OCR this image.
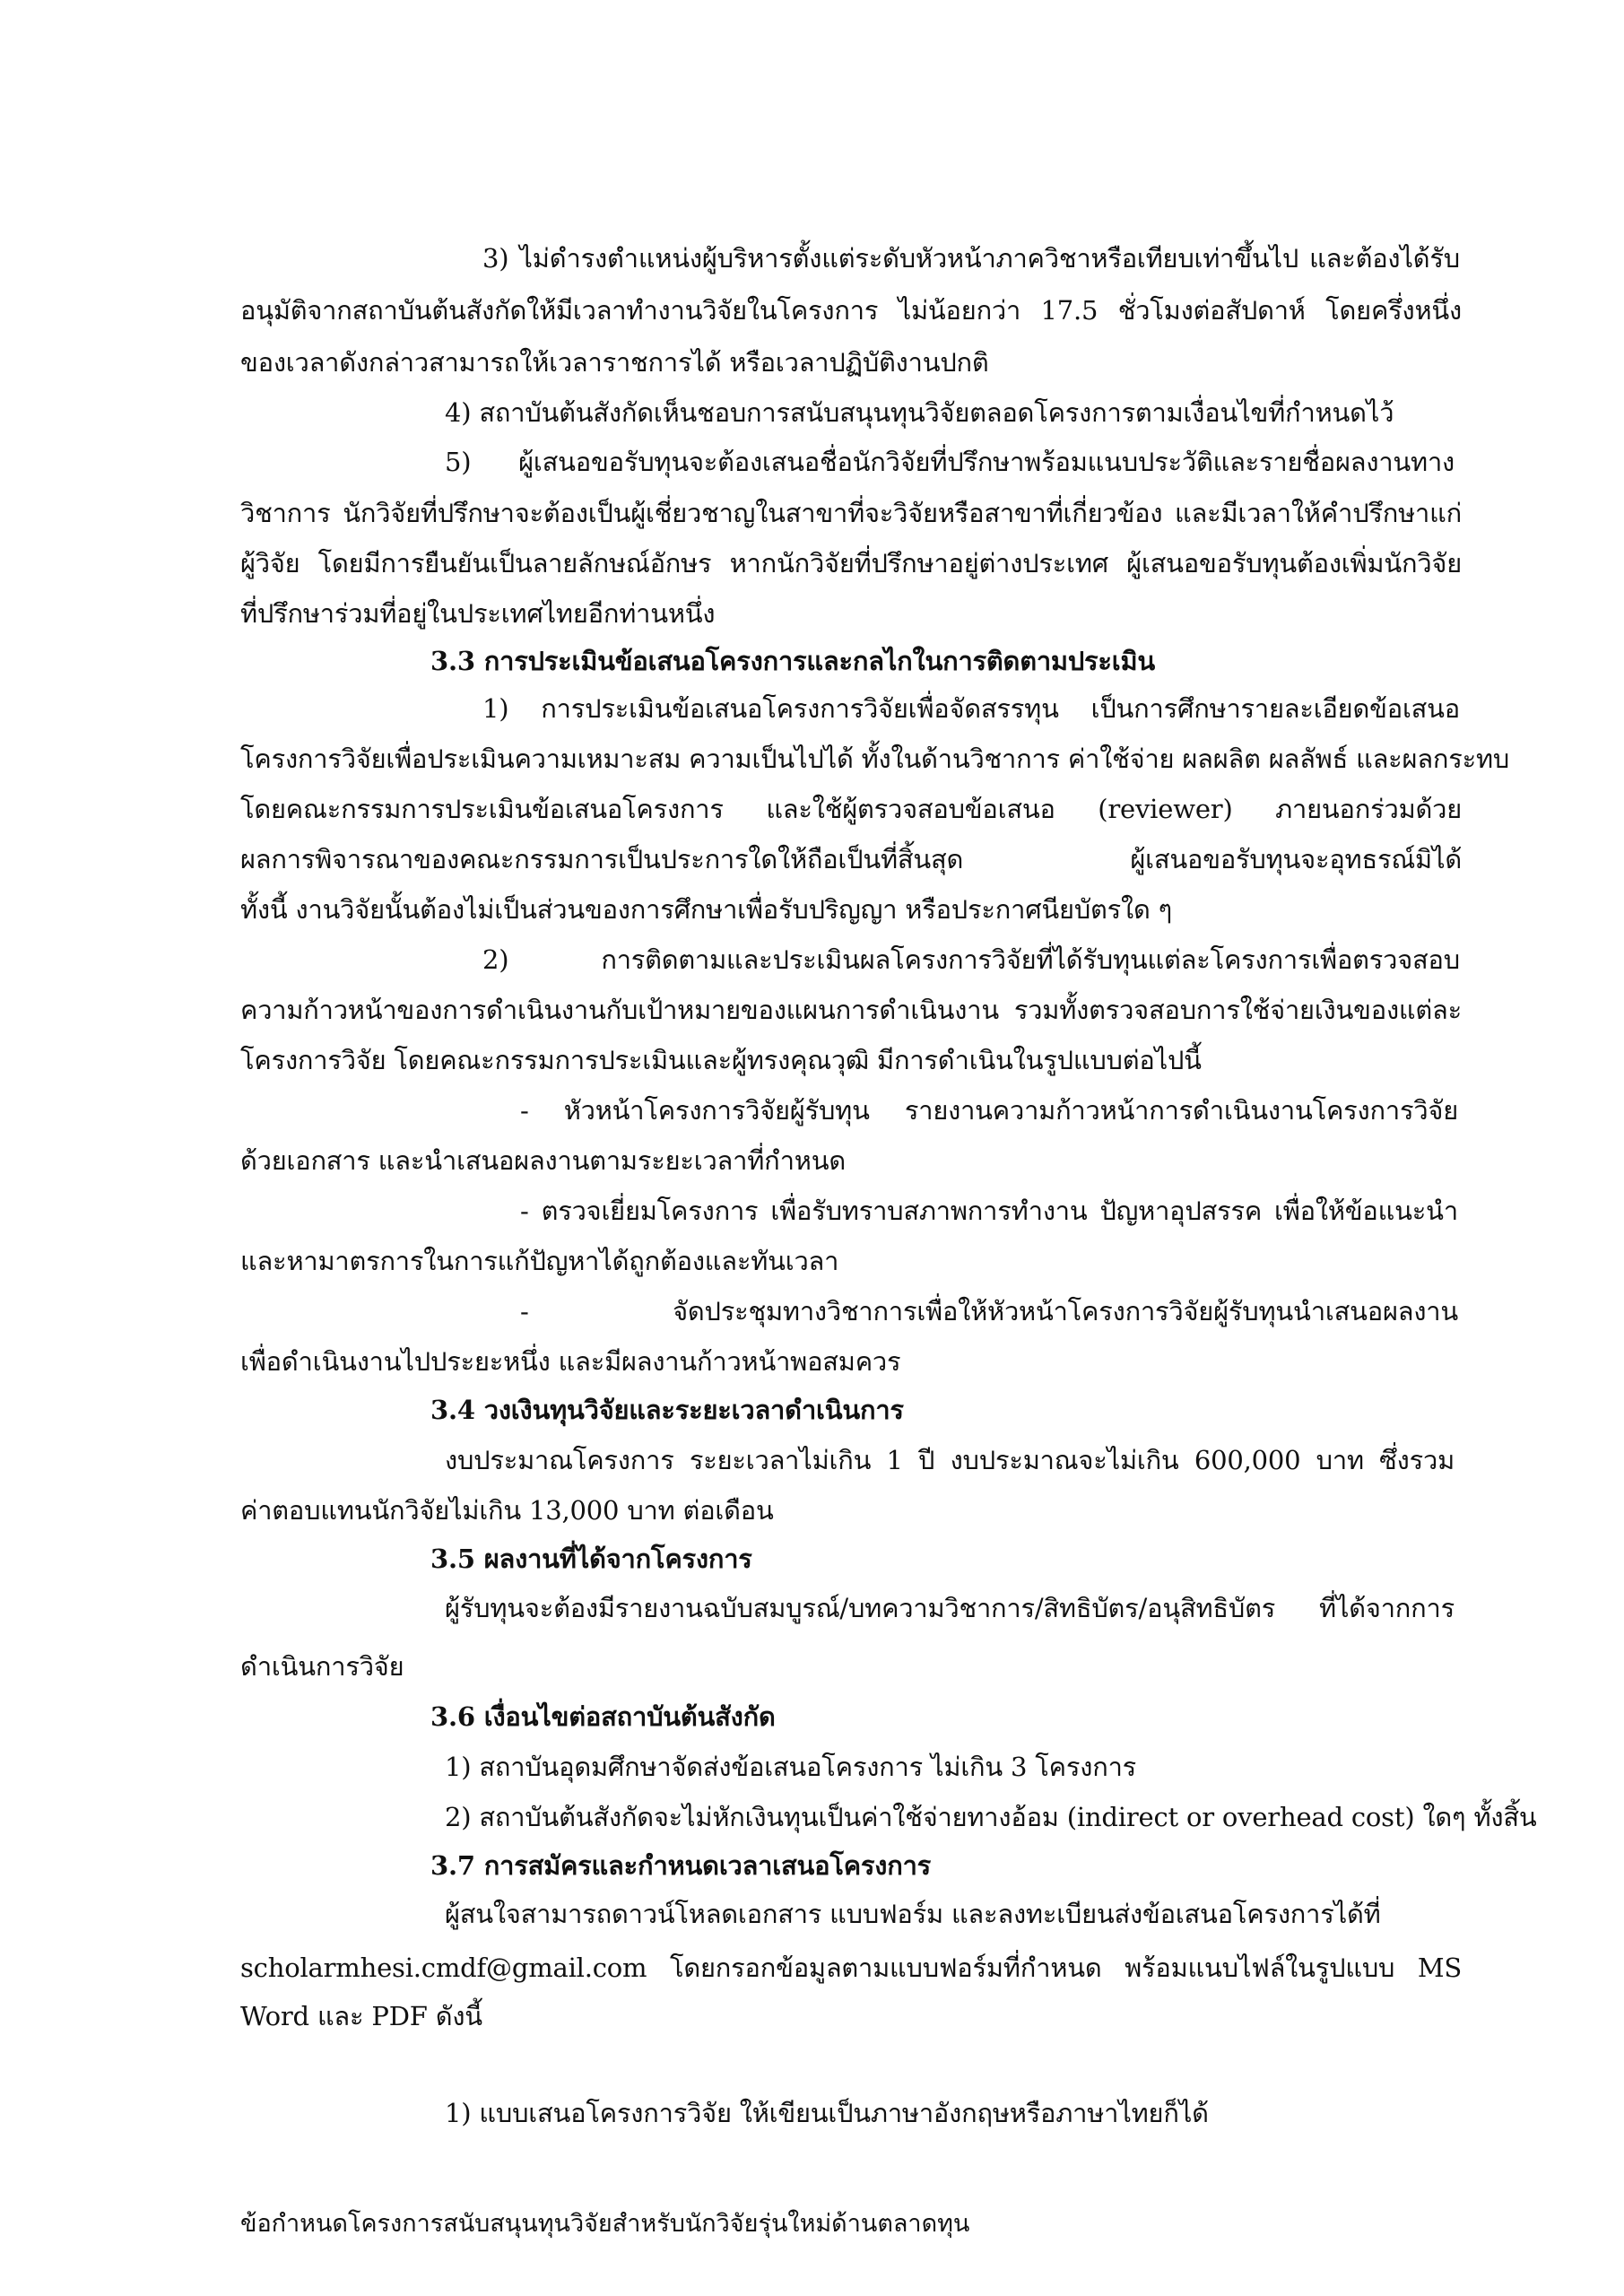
3) ไม่ดำรงตำแหน่งผู้บริหารตั้งแต่ระดับหัวหน้าภาควิชาหรือเทียบเท่าขึ้นไป และต้องได้รับ
อนุมัติจากสถาบันต้นสังกัดให้มีเวลาทำงานวิจัยในโครงการ ไม่น้อยกว่า 17.5 ชั่วโมงต่อสัปดาห์ โดยครึ่งหนึ่ง
ของเวลาดังกล่าวสามารถให้เวลาราชการได้ หรือเวลาปฏิบัติงานปกติ
4) สถาบันต้นสังกัดเห็นชอบการสนับสนุนทุนวิจัยตลอดโครงการตามเงื่อนไขที่กำหนดไว้
5) ผู้เสนอขอรับทุนจะต้องเสนอชื่อนักวิจัยที่ปรึกษาพร้อมแนบประวัติและรายชื่อผลงานทาง
วิชาการ นักวิจัยที่ปรึกษาจะต้องเป็นผู้เชี่ยวชาญในสาขาที่จะวิจัยหรือสาขาที่เกี่ยวข้อง และมีเวลาให้คำปรึกษาแก่
ผู้วิจัย โดยมีการยืนยันเป็นลายลักษณ์อักษร หากนักวิจัยที่ปรึกษาอยู่ต่างประเทศ ผู้เสนอขอรับทุนต้องเพิ่มนักวิจัย
ที่ปรึกษาร่วมที่อยู่ในประเทศไทยอีกท่านหนึ่ง
3.3 การประเมินข้อเสนอโครงการและกลไกในการติดตามประเมิน
1) การประเมินข้อเสนอโครงการวิจัยเพื่อจัดสรรทุน เป็นการศึกษารายละเอียดข้อเสนอ
โครงการวิจัยเพื่อประเมินความเหมาะสม ความเป็นไปได้ ทั้งในด้านวิชาการ ค่าใช้จ่าย ผลผลิต ผลลัพธ์ และผลกระทบ
โดยคณะกรรมการประเมินข้อเสนอโครงการ และใช้ผู้ตรวจสอบข้อเสนอ (reviewer) ภายนอกร่วมด้วย
ผลการพิจารณาของคณะกรรมการเป็นประการใดให้ถือเป็นที่สิ้นสุด ผู้เสนอขอรับทุนจะอุทธรณ์มิได้
ทั้งนี้ งานวิจัยนั้นต้องไม่เป็นส่วนของการศึกษาเพื่อรับปริญญา หรือประกาศนียบัตรใด ๆ
2) การติดตามและประเมินผลโครงการวิจัยที่ได้รับทุนแต่ละโครงการเพื่อตรวจสอบ
ความก้าวหน้าของการดำเนินงานกับเป้าหมายของแผนการดำเนินงาน รวมทั้งตรวจสอบการใช้จ่ายเงินของแต่ละ
โครงการวิจัย โดยคณะกรรมการประเมินและผู้ทรงคุณวุฒิ มีการดำเนินในรูปแบบต่อไปนี้
- หัวหน้าโครงการวิจัยผู้รับทุน รายงานความก้าวหน้าการดำเนินงานโครงการวิจัย
ด้วยเอกสาร และนำเสนอผลงานตามระยะเวลาที่กำหนด
- ตรวจเยี่ยมโครงการ เพื่อรับทราบสภาพการทำงาน ปัญหาอุปสรรค เพื่อให้ข้อแนะนำ
และหามาตรการในการแก้ปัญหาได้ถูกต้องและทันเวลา
- จัดประชุมทางวิชาการเพื่อให้หัวหน้าโครงการวิจัยผู้รับทุนนำเสนอผลงาน
เพื่อดำเนินงานไปประยะหนึ่ง และมีผลงานก้าวหน้าพอสมควร
3.4 วงเงินทุนวิจัยและระยะเวลาดำเนินการ
งบประมาณโครงการ ระยะเวลาไม่เกิน 1 ปี งบประมาณจะไม่เกิน 600,000 บาท ซึ่งรวม
ค่าตอบแทนนักวิจัยไม่เกิน 13,000 บาท ต่อเดือน
3.5 ผลงานที่ได้จากโครงการ
ผู้รับทุนจะต้องมีรายงานฉบับสมบูรณ์/บทความวิชาการ/สิทธิบัตร/อนุสิทธิบัตร ที่ได้จากการ
ดำเนินการวิจัย
3.6 เงื่อนไขต่อสถาบันต้นสังกัด
1) สถาบันอุดมศึกษาจัดส่งข้อเสนอโครงการ ไม่เกิน 3 โครงการ
2) สถาบันต้นสังกัดจะไม่หักเงินทุนเป็นค่าใช้จ่ายทางอ้อม (indirect or overhead cost) ใดๆ ทั้งสิ้น
3.7 การสมัครและกำหนดเวลาเสนอโครงการ
ผู้สนใจสามารถดาวน์โหลดเอกสาร แบบฟอร์ม และลงทะเบียนส่งข้อเสนอโครงการได้ที่
scholarmhesi.cmdf@gmail.com โดยกรอกข้อมูลตามแบบฟอร์มที่กำหนด พร้อมแนบไฟล์ในรูปแบบ MS
Word และ PDF ดังนี้
1) แบบเสนอโครงการวิจัย ให้เขียนเป็นภาษาอังกฤษหรือภาษาไทยก็ได้
ข้อกำหนดโครงการสนับสนุนทุนวิจัยสำหรับนักวิจัยรุ่นใหม่ด้านตลาดทุน
